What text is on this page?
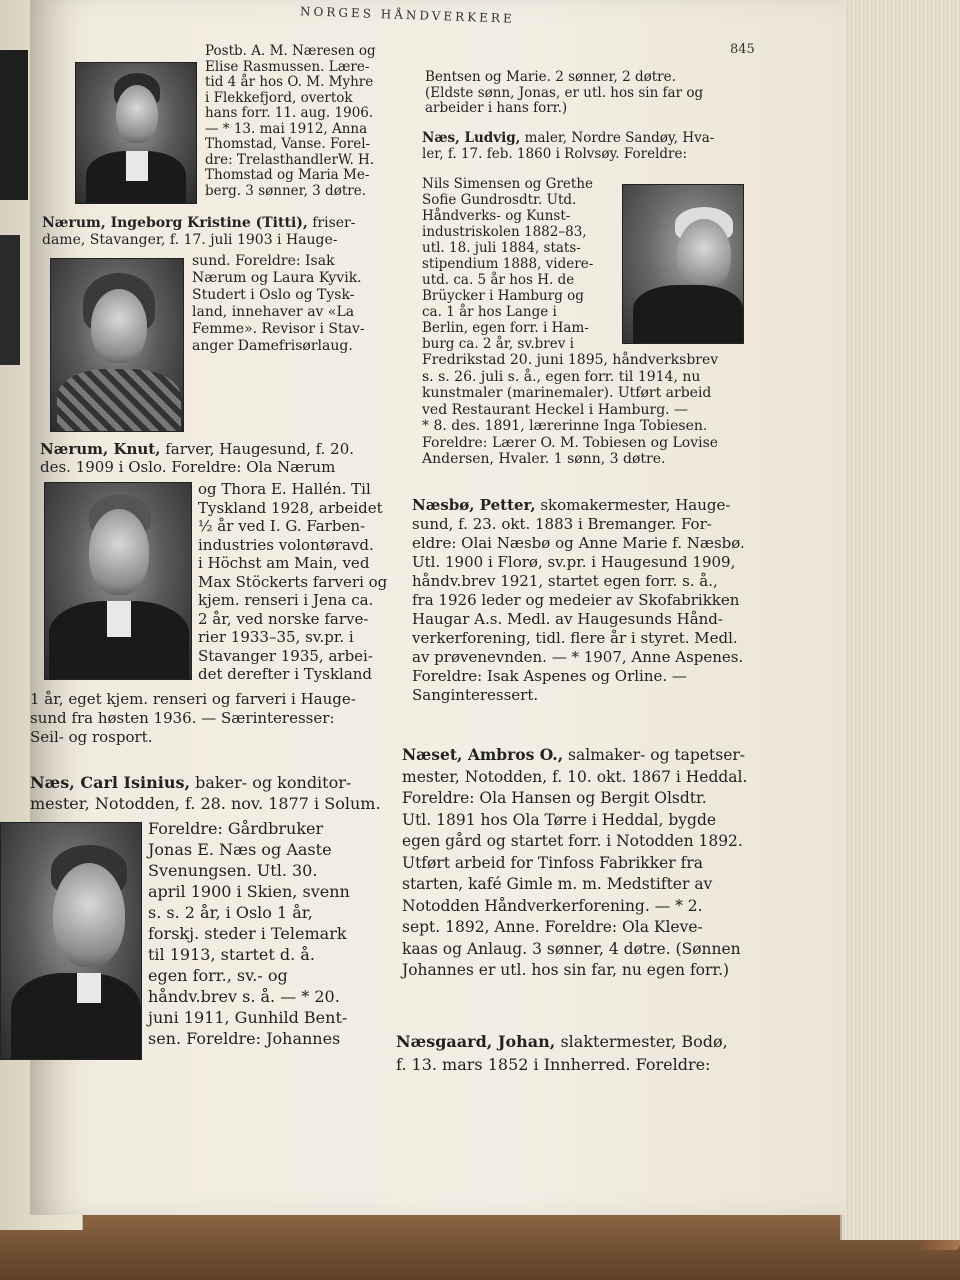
NORGES HÅNDVERKERE
845

Postb. A. M. Næresen og

Elise Rasmussen. Lære-

tid 4 år hos O. M. Myhre

i Flekkefjord, overtok

hans forr. 11. aug. 1906.

— * 13. mai 1912, Anna

Thomstad, Vanse. Forel-

dre: TrelasthandlerW. H.

Thomstad og Maria Me-

berg. 3 sønner, 3 døtre.

Nærum, Ingeborg Kristine (Titti), friser-

dame, Stavanger, f. 17. juli 1903 i Hauge-

sund. Foreldre: Isak

Nærum og Laura Kyvik.

Studert i Oslo og Tysk-

land, innehaver av «La

Femme». Revisor i Stav-

anger Damefrisørlaug.

Nærum, Knut, farver, Haugesund, f. 20.

des. 1909 i Oslo. Foreldre: Ola Nærum

og Thora E. Hallén. Til

Tyskland 1928, arbeidet

½ år ved I. G. Farben-

industries volontøravd.

i Höchst am Main, ved

Max Stöckerts farveri og

kjem. renseri i Jena ca.

2 år, ved norske farve-

rier 1933–35, sv.pr. i

Stavanger 1935, arbei-

det derefter i Tyskland

1 år, eget kjem. renseri og farveri i Hauge-

sund fra høsten 1936. — Særinteresser:

Seil- og rosport.

Næs, Carl Isinius, baker- og konditor-

mester, Notodden, f. 28. nov. 1877 i Solum.

Foreldre: Gårdbruker

Jonas E. Næs og Aaste

Svenungsen. Utl. 30.

april 1900 i Skien, svenn

s. s. 2 år, i Oslo 1 år,

forskj. steder i Telemark

til 1913, startet d. å.

egen forr., sv.- og

håndv.brev s. å. — * 20.

juni 1911, Gunhild Bent-

sen. Foreldre: Johannes

Bentsen og Marie. 2 sønner, 2 døtre.

(Eldste sønn, Jonas, er utl. hos sin far og

arbeider i hans forr.)

Næs, Ludvig, maler, Nordre Sandøy, Hva-

ler, f. 17. feb. 1860 i Rolvsøy. Foreldre:

Nils Simensen og Grethe

Sofie Gundrosdtr. Utd.

Håndverks- og Kunst-

industriskolen 1882–83,

utl. 18. juli 1884, stats-

stipendium 1888, videre-

utd. ca. 5 år hos H. de

Brüycker i Hamburg og

ca. 1 år hos Lange i

Berlin, egen forr. i Ham-

burg ca. 2 år, sv.brev i

Fredrikstad 20. juni 1895, håndverksbrev

s. s. 26. juli s. å., egen forr. til 1914, nu

kunstmaler (marinemaler). Utført arbeid

ved Restaurant Heckel i Hamburg. —

* 8. des. 1891, lærerinne Inga Tobiesen.

Foreldre: Lærer O. M. Tobiesen og Lovise

Andersen, Hvaler. 1 sønn, 3 døtre.

Næsbø, Petter, skomakermester, Hauge-

sund, f. 23. okt. 1883 i Bremanger. For-

eldre: Olai Næsbø og Anne Marie f. Næsbø.

Utl. 1900 i Florø, sv.pr. i Haugesund 1909,

håndv.brev 1921, startet egen forr. s. å.,

fra 1926 leder og medeier av Skofabrikken

Haugar A.s. Medl. av Haugesunds Hånd-

verkerforening, tidl. flere år i styret. Medl.

av prøvenevnden. — * 1907, Anne Aspenes.

Foreldre: Isak Aspenes og Orline. —

Sanginteressert.

Næset, Ambros O., salmaker- og tapetser-

mester, Notodden, f. 10. okt. 1867 i Heddal.

Foreldre: Ola Hansen og Bergit Olsdtr.

Utl. 1891 hos Ola Tørre i Heddal, bygde

egen gård og startet forr. i Notodden 1892.

Utført arbeid for Tinfoss Fabrikker fra

starten, kafé Gimle m. m. Medstifter av

Notodden Håndverkerforening. — * 2.

sept. 1892, Anne. Foreldre: Ola Kleve-

kaas og Anlaug. 3 sønner, 4 døtre. (Sønnen

Johannes er utl. hos sin far, nu egen forr.)

Næsgaard, Johan, slaktermester, Bodø,

f. 13. mars 1852 i Innherred. Foreldre:
